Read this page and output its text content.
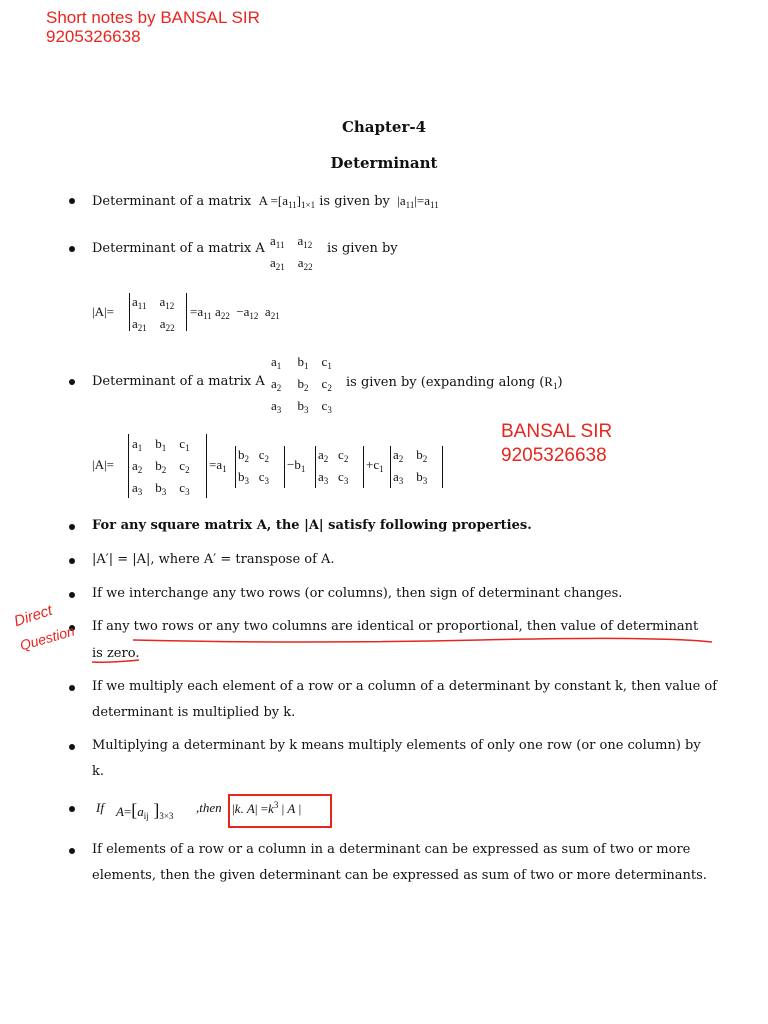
Short notes by BANSAL SIR
9205326638
Chapter-4
Determinant
Determinant of a matrix  $A =[a_{11}]_{1\times 1}$ is given by  $|a_{11}|=a_{11}$
Determinant of a matrix A
$a_{11}$    $a_{12}$
$a_{21}$    $a_{22}$
is given by
|A|=
$a_{11}$    $a_{12}$
$a_{21}$    $a_{22}$
$=a_{11}$ $a_{22} -a_{12}$  $a_{21}$
$a_1$     $b_1$    $c_1$
Determinant of a matrix A $a_2$     $b_2$    $c_2$ is given by (expanding along $(R_1)$
$a_3$     $b_3$    $c_3$
BANSAL SIR
9205326638
|A|=
$a_1$    $b_1$    $c_1$
$a_2$    $b_2$    $c_2$
$a_3$    $b_3$    $c_3$
$=a_1$
$b_2$   $c_2$
$b_3$   $c_3$
$-b_1$
$a_2$   $c_2$
$a_3$   $c_3$
$+c_1$
$a_2$    $b_2$
$a_3$    $b_3$
For any square matrix A, the |A| satisfy following properties.
|A′| = |A|, where A′ = transpose of A.
If we interchange any two rows (or columns), then sign of determinant changes.
If any two rows or any two columns are identical or proportional, then value of determinant
is zero.
Direct
Question
If we multiply each element of a row or a column of a determinant by constant k, then value of
determinant is multiplied by k.
Multiplying a determinant by k means multiply elements of only one row (or one column) by
k.
If $A=[a_{ij}$ ]$_{3\times 3}$
,then |k. $A| =k^3$ | A |
If elements of a row or a column in a determinant can be expressed as sum of two or more
elements, then the given determinant can be expressed as sum of two or more determinants.
